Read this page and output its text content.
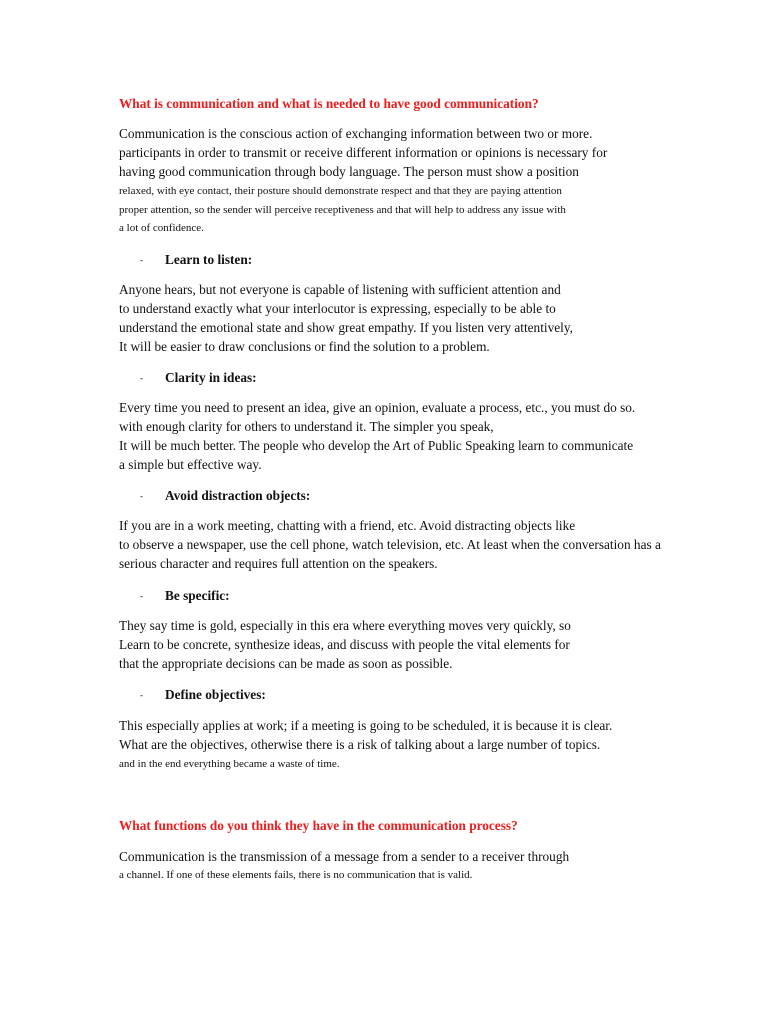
What is communication and what is needed to have good communication?
Communication is the conscious action of exchanging information between two or more.
participants in order to transmit or receive different information or opinions is necessary for
having good communication through body language. The person must show a position
relaxed, with eye contact, their posture should demonstrate respect and that they are paying attention
proper attention, so the sender will perceive receptiveness and that will help to address any issue with
a lot of confidence.
- Learn to listen:
Anyone hears, but not everyone is capable of listening with sufficient attention and
to understand exactly what your interlocutor is expressing, especially to be able to
understand the emotional state and show great empathy. If you listen very attentively,
It will be easier to draw conclusions or find the solution to a problem.
- Clarity in ideas:
Every time you need to present an idea, give an opinion, evaluate a process, etc., you must do so.
with enough clarity for others to understand it. The simpler you speak,
It will be much better. The people who develop the Art of Public Speaking learn to communicate
a simple but effective way.
- Avoid distraction objects:
If you are in a work meeting, chatting with a friend, etc. Avoid distracting objects like
to observe a newspaper, use the cell phone, watch television, etc. At least when the conversation has a
serious character and requires full attention on the speakers.
- Be specific:
They say time is gold, especially in this era where everything moves very quickly, so
Learn to be concrete, synthesize ideas, and discuss with people the vital elements for
that the appropriate decisions can be made as soon as possible.
- Define objectives:
This especially applies at work; if a meeting is going to be scheduled, it is because it is clear.
What are the objectives, otherwise there is a risk of talking about a large number of topics.
and in the end everything became a waste of time.
What functions do you think they have in the communication process?
Communication is the transmission of a message from a sender to a receiver through
a channel. If one of these elements fails, there is no communication that is valid.
